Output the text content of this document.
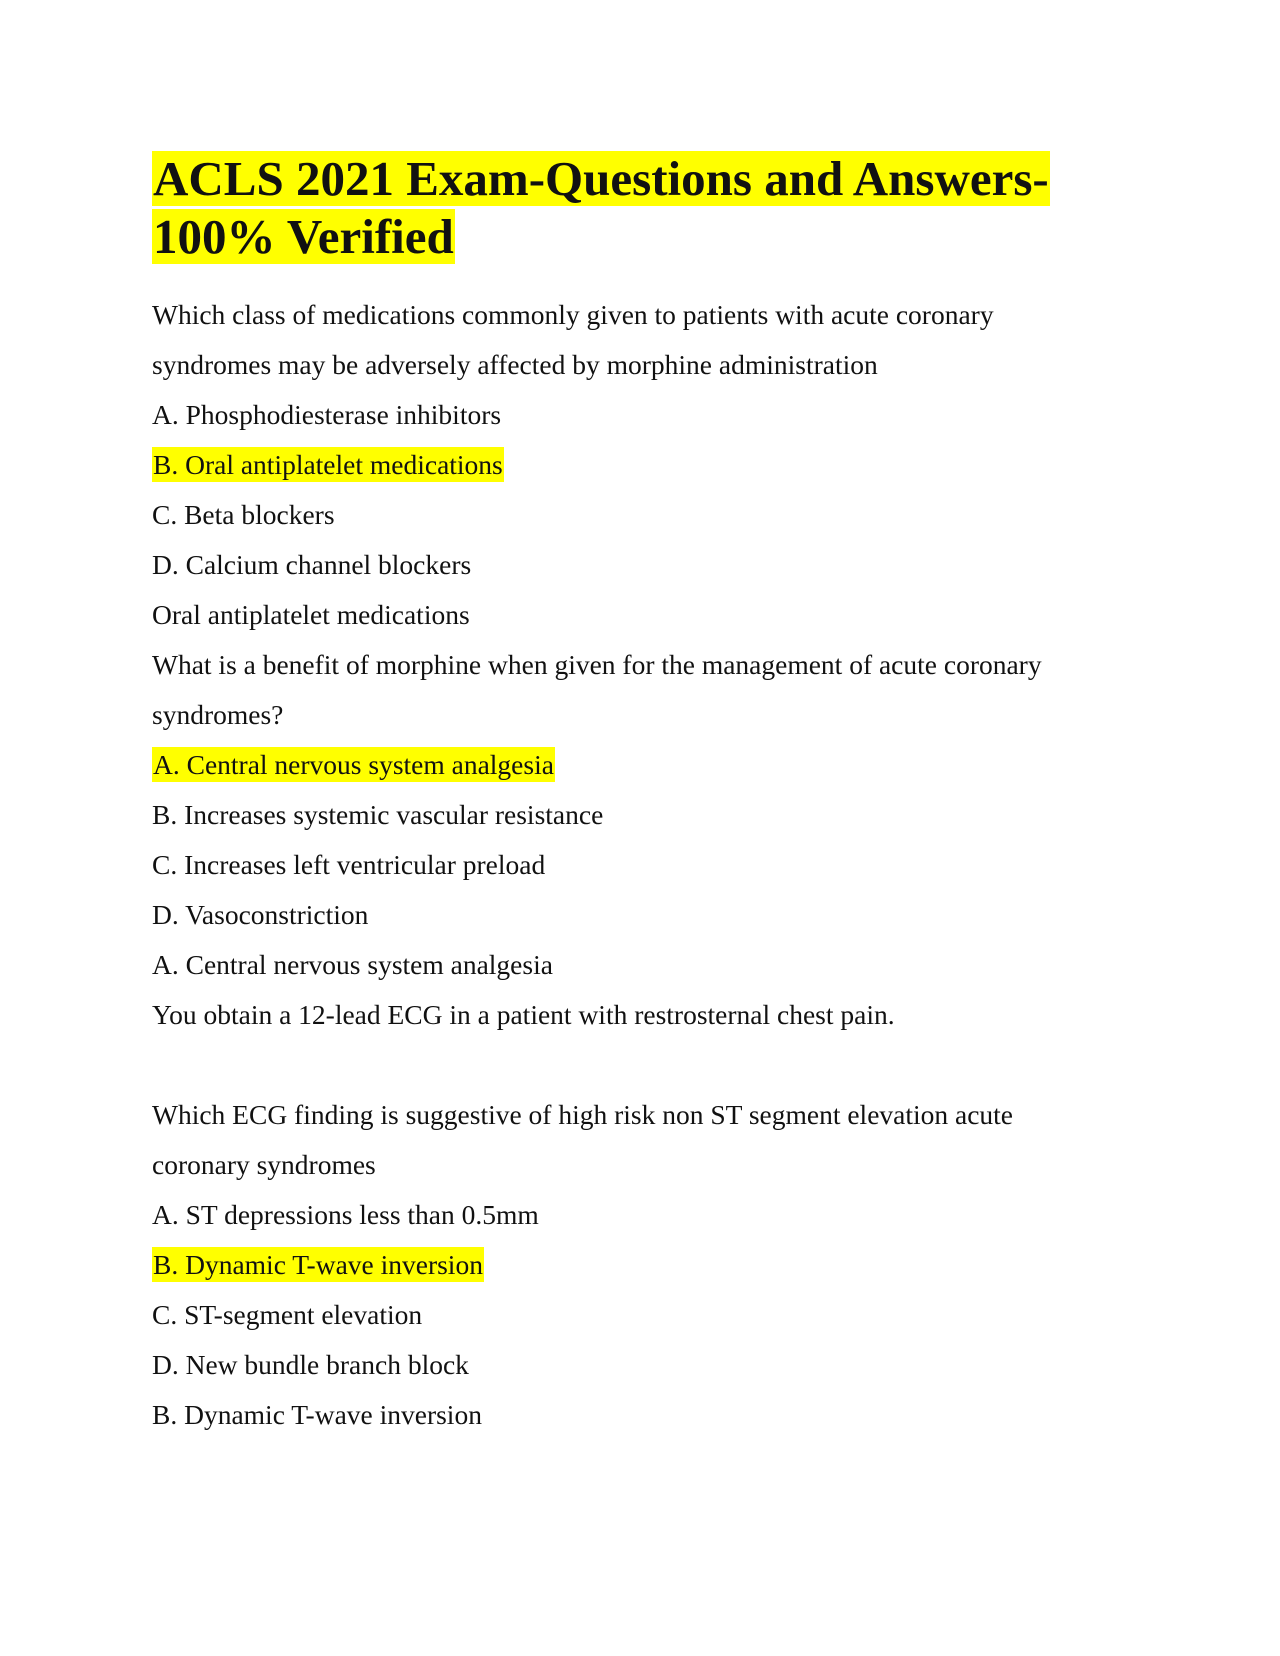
ACLS 2021 Exam-Questions and Answers-
100% Verified
Which class of medications commonly given to patients with acute coronary
syndromes may be adversely affected by morphine administration
A. Phosphodiesterase inhibitors
B. Oral antiplatelet medications
C. Beta blockers
D. Calcium channel blockers
Oral antiplatelet medications
What is a benefit of morphine when given for the management of acute coronary
syndromes?
A. Central nervous system analgesia
B. Increases systemic vascular resistance
C. Increases left ventricular preload
D. Vasoconstriction
A. Central nervous system analgesia
You obtain a 12-lead ECG in a patient with restrosternal chest pain.
Which ECG finding is suggestive of high risk non ST segment elevation acute
coronary syndromes
A. ST depressions less than 0.5mm
B. Dynamic T-wave inversion
C. ST-segment elevation
D. New bundle branch block
B. Dynamic T-wave inversion
